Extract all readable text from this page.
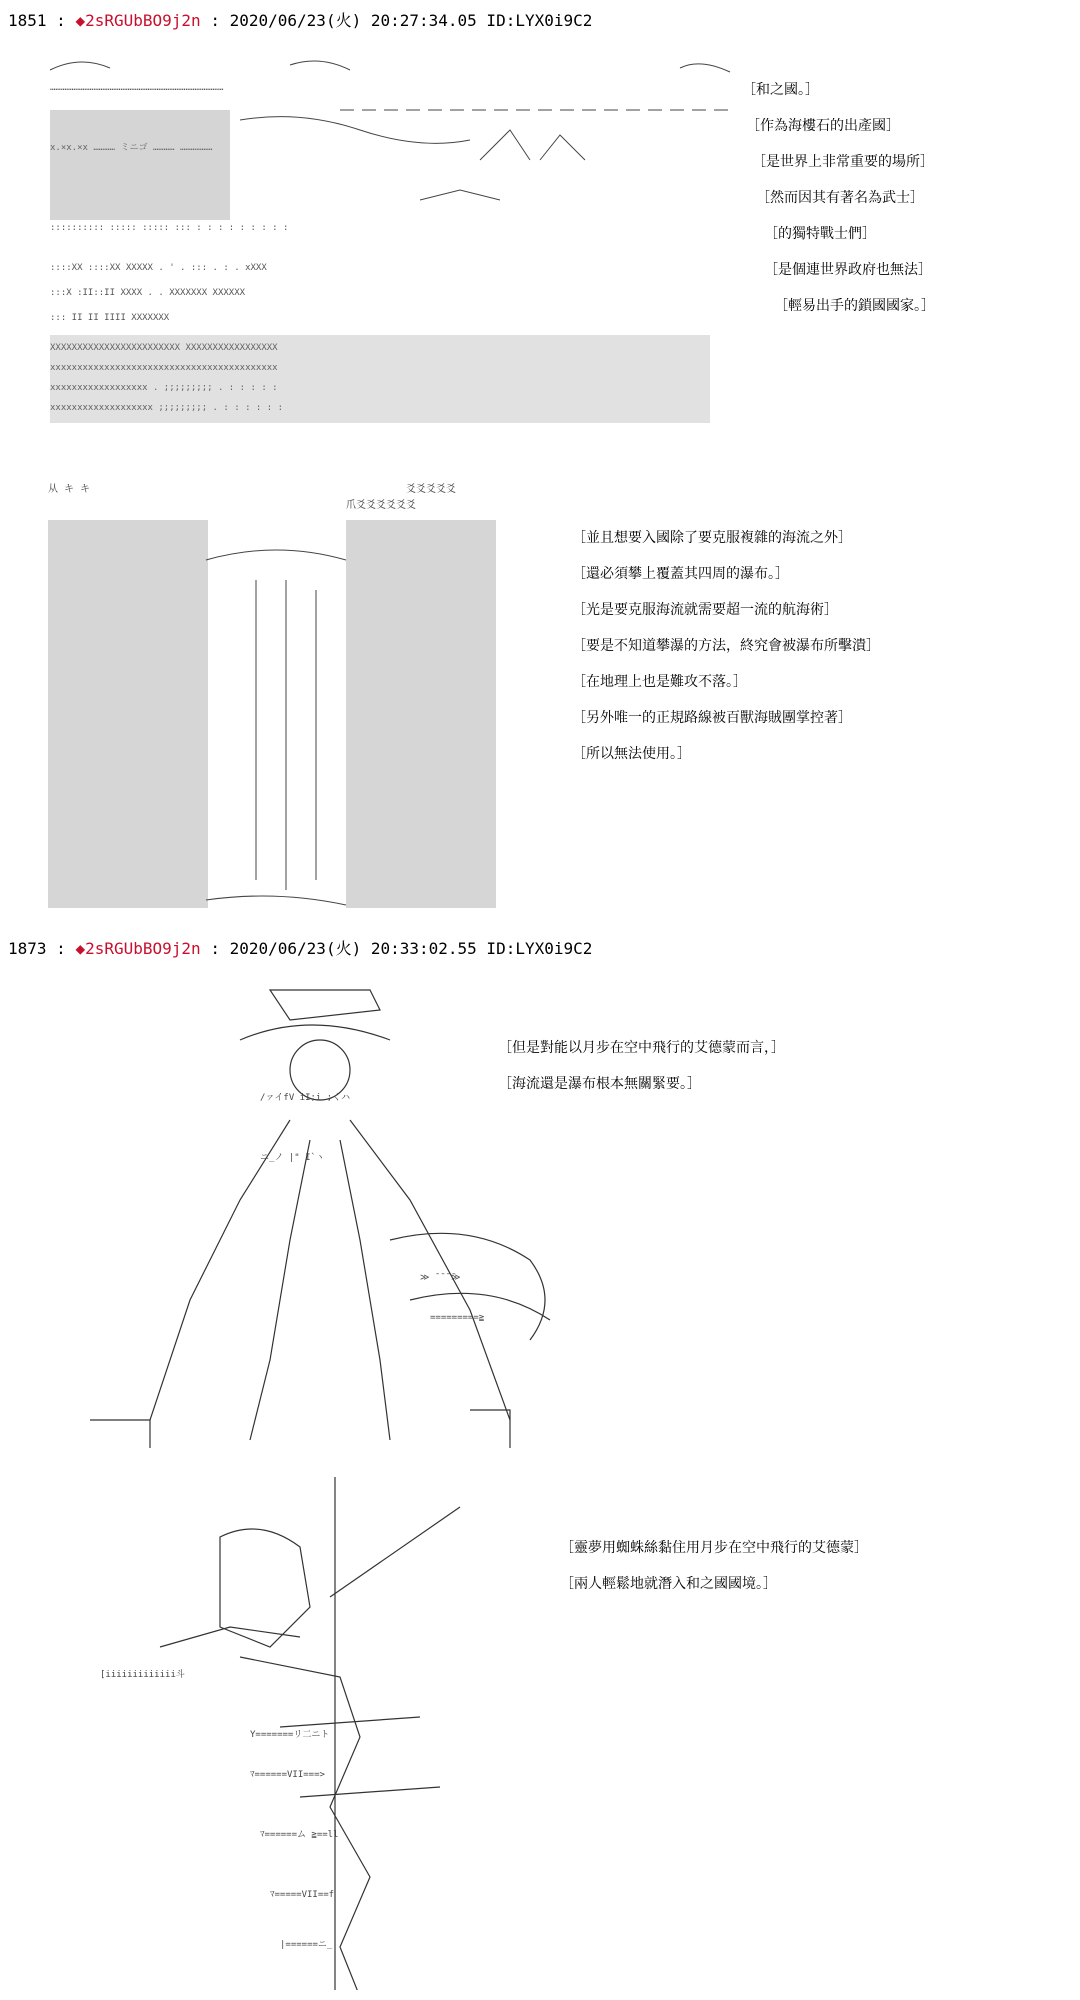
1851 : ◆2sRGUbBO9j2n : 2020/06/23(火) 20:27:34.05 ID:LYX0i9C2

……………………………………………………………………………………
x.×x.×x ………… ミニゴ ………… ………………
:::::::::: ::::: ::::: ::: : : : : : : : : :
::::XX ::::XX XXXXX . ' . ::: . : . xXXX
:::X :II::II XXXX . . XXXXXXX XXXXXX
::: II II IIII XXXXXXX
XXXXXXXXXXXXXXXXXXXXXXXX XXXXXXXXXXXXXXXXX
xxxxxxxxxxxxxxxxxxxxxxxxxxxxxxxxxxxxxxxxxx
xxxxxxxxxxxxxxxxxx . ;;;;;;;;; . : : : : :
xxxxxxxxxxxxxxxxxxx ;;;;;;;;; . : : : : : :

［和之國。］
［作為海樓石的出產國］
［是世界上非常重要的場所］
［然而因其有著名為武士］
［的獨特戰士們］
［是個連世界政府也無法］
［輕易出手的鎖國國家。］

从 キ キ	爻爻爻爻爻
爪爻爻爻爻爻爻

［並且想要入國除了要克服複雜的海流之外］
［還必須攀上覆蓋其四周的瀑布。］
［光是要克服海流就需要超一流的航海術］
［要是不知道攀瀑的方法，終究會被瀑布所擊潰］
［在地理上也是難攻不落。］
［另外唯一的正規路線被百獸海賊團掌控著］
［所以無法使用。］
1873 : ◆2sRGUbBO9j2n : 2020/06/23(火) 20:33:02.55 ID:LYX0i9C2

/ァイfV iI;i ;くハ
ニ_ノ |" ̄I`ヽ
≫ ̄ ̄ ̄ ̄≫
=========≧

［但是對能以月步在空中飛行的艾德蒙而言，］
［海流還是瀑布根本無關緊要。］

[iiiiiiiiiiiii斗
Y=======リ二ニト
ﾏ======VII===>
ﾏ======ム ≧==ll
ﾏ=====VII==f
|======ニ_

［靈夢用蜘蛛絲黏住用月步在空中飛行的艾德蒙］
［兩人輕鬆地就潛入和之國國境。］
